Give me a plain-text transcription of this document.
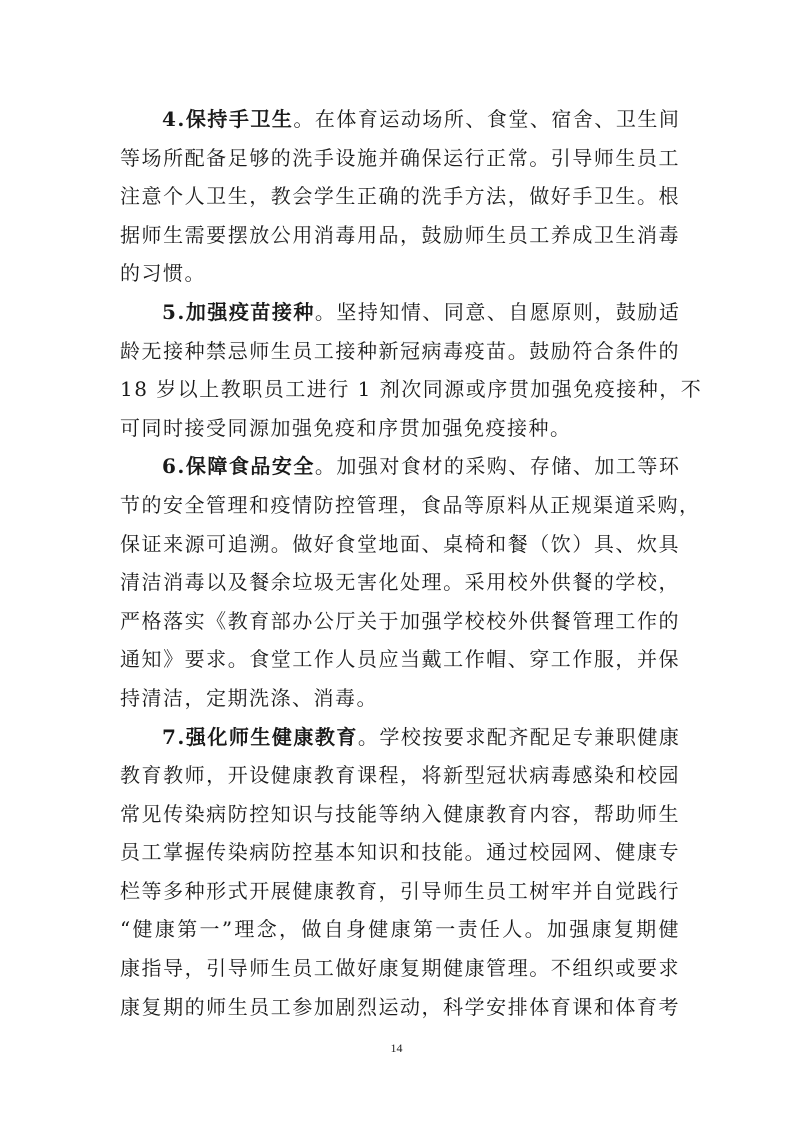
4.保持手卫生。在体育运动场所、食堂、宿舍、卫生间
等场所配备足够的洗手设施并确保运行正常。引导师生员工
注意个人卫生，教会学生正确的洗手方法，做好手卫生。根
据师生需要摆放公用消毒用品，鼓励师生员工养成卫生消毒
的习惯。
5.加强疫苗接种。坚持知情、同意、自愿原则，鼓励适
龄无接种禁忌师生员工接种新冠病毒疫苗。鼓励符合条件的
18 岁以上教职员工进行 1 剂次同源或序贯加强免疫接种，不
可同时接受同源加强免疫和序贯加强免疫接种。
6.保障食品安全。加强对食材的采购、存储、加工等环
节的安全管理和疫情防控管理，食品等原料从正规渠道采购，
保证来源可追溯。做好食堂地面、桌椅和餐（饮）具、炊具
清洁消毒以及餐余垃圾无害化处理。采用校外供餐的学校，
严格落实《教育部办公厅关于加强学校校外供餐管理工作的
通知》要求。食堂工作人员应当戴工作帽、穿工作服，并保
持清洁，定期洗涤、消毒。
7.强化师生健康教育。学校按要求配齐配足专兼职健康
教育教师，开设健康教育课程，将新型冠状病毒感染和校园
常见传染病防控知识与技能等纳入健康教育内容，帮助师生
员工掌握传染病防控基本知识和技能。通过校园网、健康专
栏等多种形式开展健康教育，引导师生员工树牢并自觉践行
“健康第一”理念，做自身健康第一责任人。加强康复期健
康指导，引导师生员工做好康复期健康管理。不组织或要求
康复期的师生员工参加剧烈运动，科学安排体育课和体育考
14
